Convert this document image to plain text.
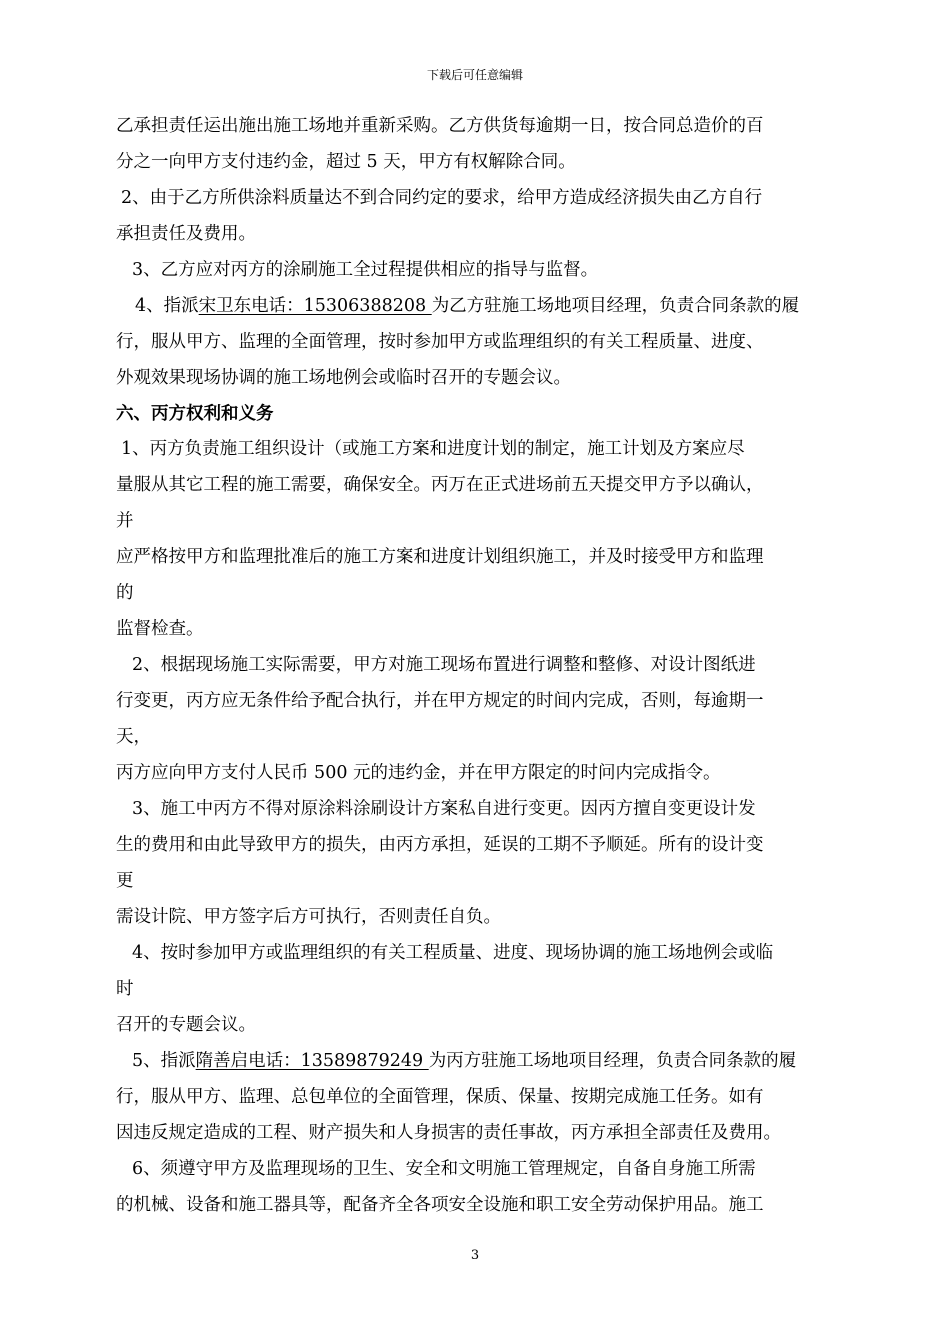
下载后可任意编辑
乙承担责任运出施出施工场地并重新采购。乙方供货每逾期一日，按合同总造价的百
分之一向甲方支付违约金，超过 5 天，甲方有权解除合同。
2、由于乙方所供涂料质量达不到合同约定的要求，给甲方造成经济损失由乙方自行
承担责任及费用。
3、乙方应对丙方的涂刷施工全过程提供相应的指导与监督。
4、指派宋卫东电话：15306388208 为乙方驻施工场地项目经理，负责合同条款的履
行，服从甲方、监理的全面管理，按时参加甲方或监理组织的有关工程质量、进度、
外观效果现场协调的施工场地例会或临时召开的专题会议。
六、丙方权利和义务
1、丙方负责施工组织设计（或施工方案和进度计划的制定，施工计划及方案应尽
量服从其它工程的施工需要，确保安全。丙万在正式进场前五天提交甲方予以确认，
并
应严格按甲方和监理批准后的施工方案和进度计划组织施工，并及时接受甲方和监理
的
监督检查。
2、根据现场施工实际需要，甲方对施工现场布置进行调整和整修、对设计图纸进
行变更，丙方应无条件给予配合执行，并在甲方规定的时间内完成，否则，每逾期一
天，
丙方应向甲方支付人民币 500 元的违约金，并在甲方限定的时问内完成指令。
3、施工中丙方不得对原涂料涂刷设计方案私自进行变更。因丙方擅自变更设计发
生的费用和由此导致甲方的损失，由丙方承担，延误的工期不予顺延。所有的设计变
更
需设计院、甲方签字后方可执行，否则责任自负。
4、按时参加甲方或监理组织的有关工程质量、进度、现场协调的施工场地例会或临
时
召开的专题会议。
5、指派隋善启电话：13589879249 为丙方驻施工场地项目经理，负责合同条款的履
行，服从甲方、监理、总包单位的全面管理，保质、保量、按期完成施工任务。如有
因违反规定造成的工程、财产损失和人身损害的责任事故，丙方承担全部责任及费用。
6、须遵守甲方及监理现场的卫生、安全和文明施工管理规定，自备自身施工所需
的机械、设备和施工器具等，配备齐全各项安全设施和职工安全劳动保护用品。施工
3
